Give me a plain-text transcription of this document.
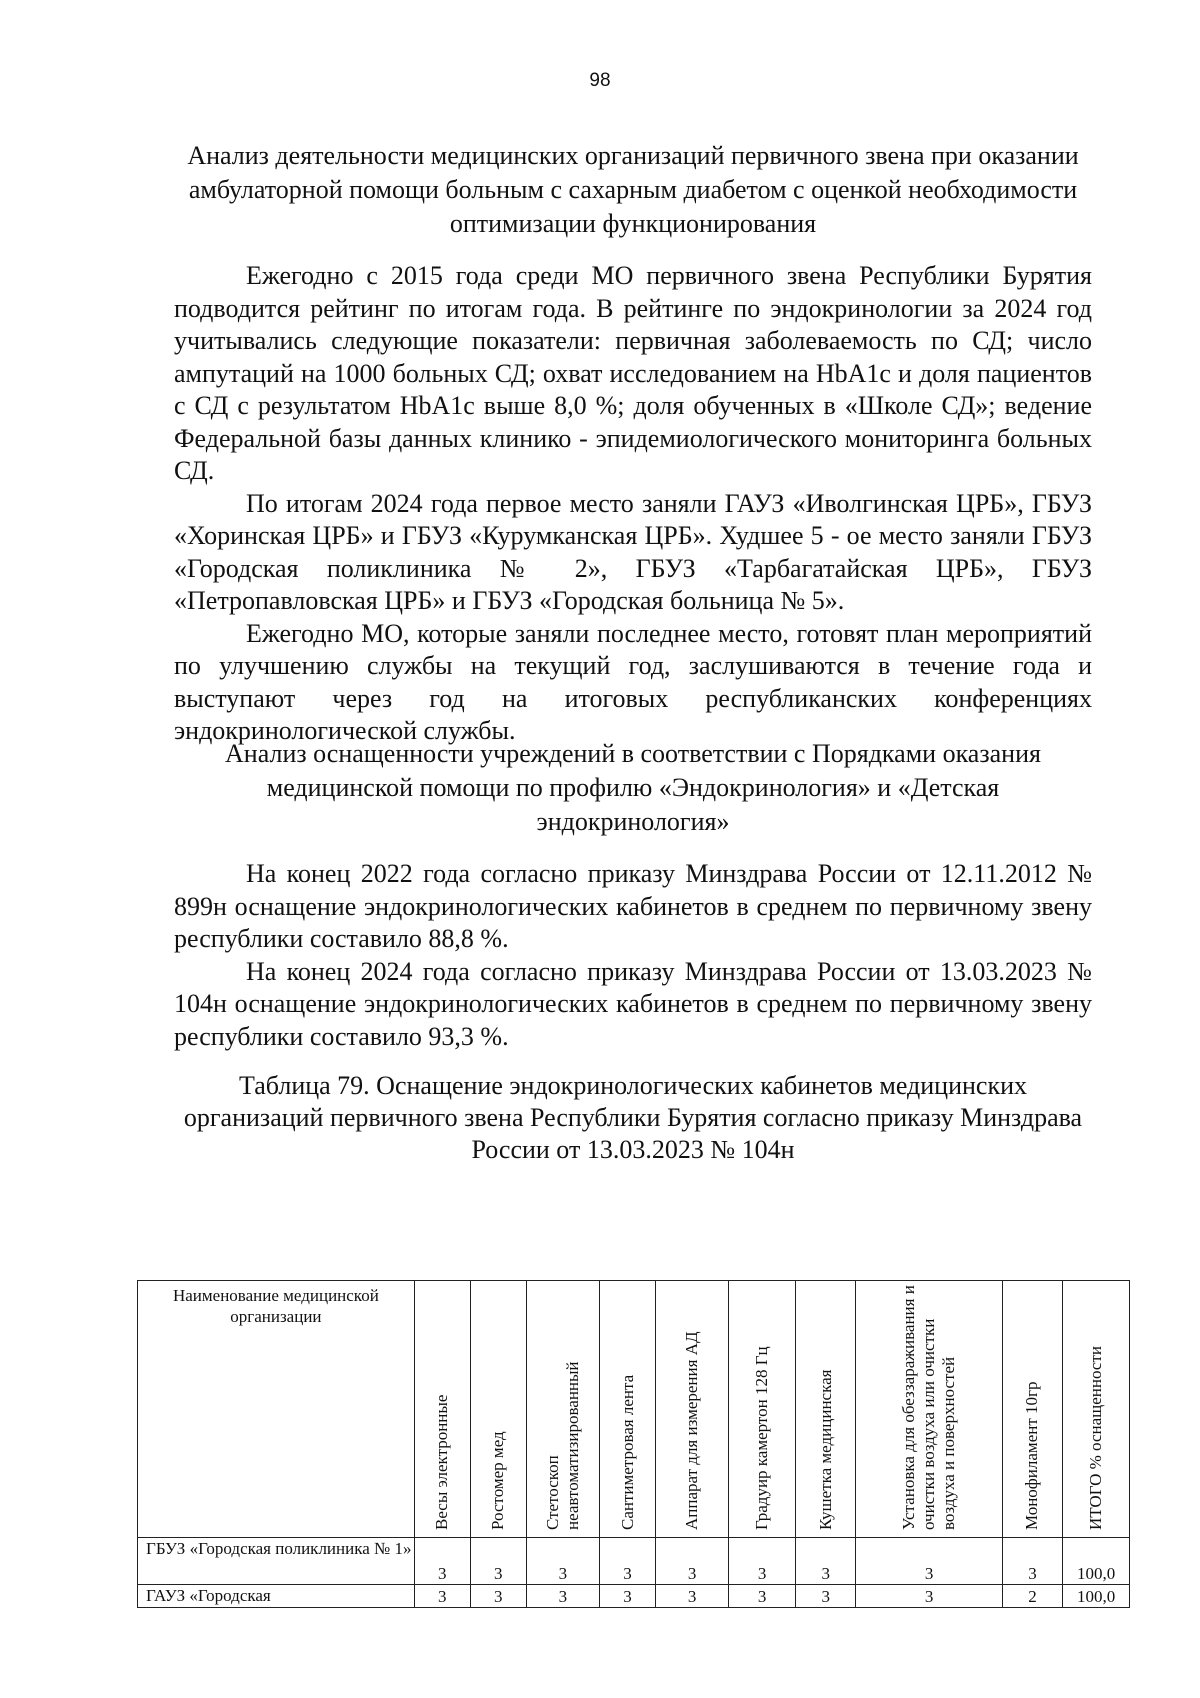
98
Анализ деятельности медицинских организаций первичного звена при оказании амбулаторной помощи больным с сахарным диабетом с оценкой необходимости оптимизации функционирования

Ежегодно с 2015 года среди МО первичного звена Республики Бурятия подводится рейтинг по итогам года. В рейтинге по эндокринологии за 2024 год учитывались следующие показатели: первичная заболеваемость по СД; число ампутаций на 1000 больных СД; охват исследованием на HbA1c и доля пациентов с СД с результатом HbA1c выше 8,0 %; доля обученных в «Школе СД»; ведение Федеральной базы данных клинико - эпидемиологического мониторинга больных СД.

По итогам 2024 года первое место заняли ГАУЗ «Иволгинская ЦРБ», ГБУЗ «Хоринская ЦРБ» и ГБУЗ «Курумканская ЦРБ». Худшее 5 - ое место заняли ГБУЗ «Городская поликлиника № 2», ГБУЗ «Тарбагатайская ЦРБ», ГБУЗ «Петропавловская ЦРБ» и ГБУЗ «Городская больница № 5».

Ежегодно МО, которые заняли последнее место, готовят план мероприятий по улучшению службы на текущий год, заслушиваются в течение года и выступают через год на итоговых республиканских конференциях эндокринологической службы.

Анализ оснащенности учреждений в соответствии с Порядками оказания медицинской помощи по профилю «Эндокринология» и «Детская эндокринология»

На конец 2022 года согласно приказу Минздрава России от 12.11.2012 № 899н оснащение эндокринологических кабинетов в среднем по первичному звену республики составило 88,8 %.

На конец 2024 года согласно приказу Минздрава России от 13.03.2023 № 104н оснащение эндокринологических кабинетов в среднем по первичному звену республики составило 93,3 %.

Таблица 79. Оснащение эндокринологических кабинетов медицинских организаций первичного звена Республики Бурятия согласно приказу Минздрава России от 13.03.2023 № 104н
Наименование медицинской организации	Весы электронные	Ростомер мед	Стетоскоп неавтоматизированный	Сантиметровая лента	Аппарат для измерения АД	Градуир камертон 128 Гц	Кушетка медицинская	Установка для обеззараживания и очистки воздуха или очистки воздуха и поверхностей	Монофиламент 10гр	ИТОГО % оснащенности

ГБУЗ «Городская поликлиника № 1»	3	3	3	3	3	3	3	3	3	100,0
ГАУЗ «Городская	3	3	3	3	3	3	3	3	2	100,0
